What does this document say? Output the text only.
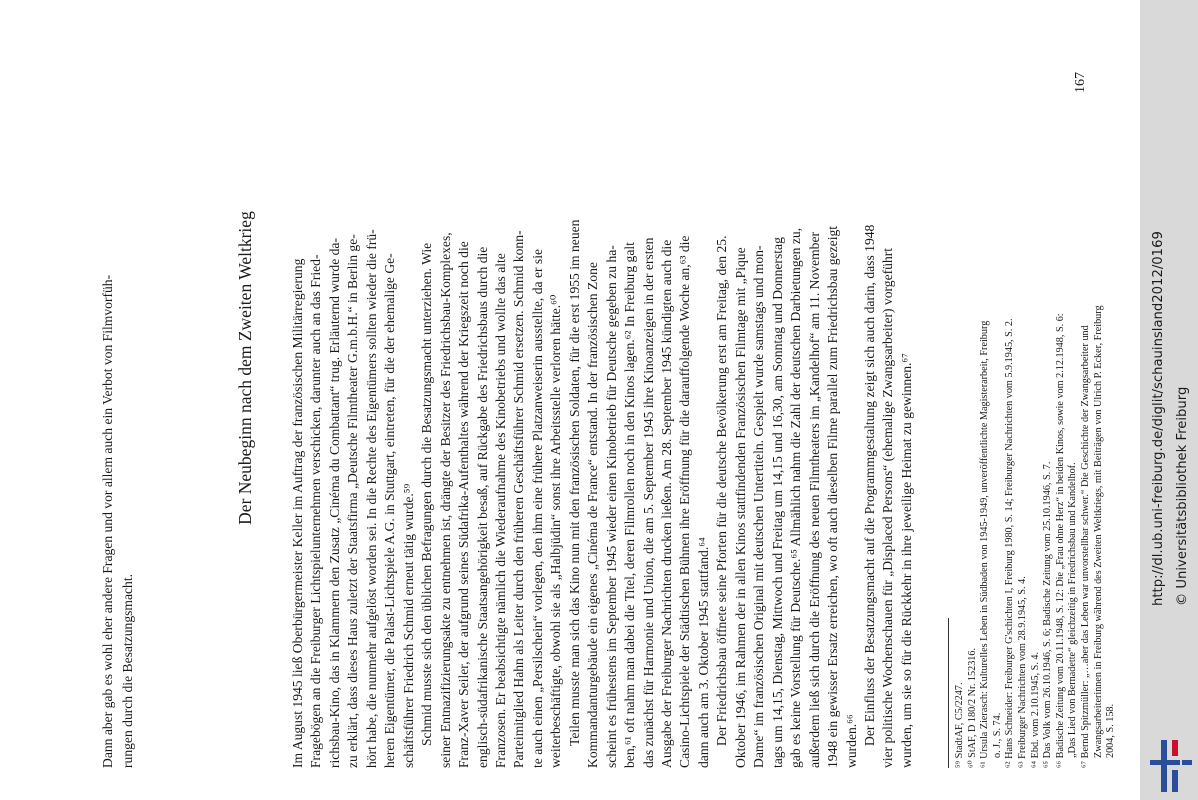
Dann aber gab es wohl eher andere Fragen und vor allem auch ein Verbot von Filmvorfüh- rungen durch die Besatzungsmacht.
Der Neubeginn nach dem Zweiten Weltkrieg	Im August 1945 ließ Oberbürgermeister Keller im Auftrag der französischen Militärregierung Fragebögen an die Freiburger Lichtspielunternehmen verschicken, darunter auch an das Fried- richsbau-Kino, das in Klammern den Zusatz „Cinéma du Combattant“ trug. Erläuternd wurde da- zu erklärt, dass dieses Haus zuletzt der Staatsfirma „Deutsche Filmtheater G.m.b.H.“ in Berlin ge- hört habe, die nunmehr aufgelöst worden sei. In die Rechte des Eigentümers sollten wieder die frü- heren Eigentümer, die Palast-Lichtspiele A.G. in Stuttgart, eintreten, für die der ehemalige Ge- schäftsführer Friedrich Schmid erneut tätig wurde.⁵⁹ Schmid musste sich den üblichen Befragungen durch die Besatzungsmacht unterziehen. Wie seiner Entnazifizierungsakte zu entnehmen ist, drängte der Besitzer des Friedrichsbau-Komplexes, Franz-Xaver Seiler, der aufgrund seines Südafrika-Aufenthaltes während der Kriegszeit noch die englisch-südafrikanische Staatsangehörigkeit besaß, auf Rückgabe des Friedrichsbaus durch die Franzosen. Er beabsichtigte nämlich die Wiederaufnahme des Kinobetriebs und wollte das alte Parteimitglied Hahn als Leiter durch den früheren Geschäftsführer Schmid ersetzen. Schmid konn- te auch einen „Persilschein“ vorlegen, den ihm eine frühere Platzanweiserin ausstellte, da er sie weiterbeschäftigte, obwohl sie als „Halbjüdin“ sonst ihre Arbeitsstelle verloren hätte.⁶⁰ Teilen musste man sich das Kino nun mit den französischen Soldaten, für die erst 1955 im neuen Kommandanturgebäude ein eigenes „Cinéma de France“ entstand. In der französischen Zone scheint es frühestens im September 1945 wieder einen Kinobetrieb für Deutsche gegeben zu ha- ben,⁶¹ oft nahm man dabei die Titel, deren Filmrollen noch in den Kinos lagen.⁶² In Freiburg galt das zunächst für Harmonie und Union, die am 5. September 1945 ihre Kinoanzeigen in der ersten Ausgabe der Freiburger Nachrichten drucken ließen. Am 28. September 1945 kündigten auch die Casino-Lichtspiele der Städtischen Bühnen ihre Eröffnung für die darauffolgende Woche an,⁶³ die dann auch am 3. Oktober 1945 stattfand.⁶⁴ Der Friedrichsbau öffnete seine Pforten für die deutsche Bevölkerung erst am Freitag, den 25. Oktober 1946, im Rahmen der in allen Kinos stattfindenden Französischen Filmtage mit „Pique Dame“ im französischen Original mit deutschen Untertiteln. Gespielt wurde samstags und mon- tags um 14,15, Dienstag, Mittwoch und Freitag um 14,15 und 16,30, am Sonntag und Donnerstag gab es keine Vorstellung für Deutsche.⁶⁵ Allmählich nahm die Zahl der deutschen Darbietungen zu, außerdem ließ sich durch die Eröffnung des neuen Filmtheaters im „Kandelhof“ am 11. November 1948 ein gewisser Ersatz erreichen, wo oft auch dieselben Filme parallel zum Friedrichsbau gezeigt wurden.⁶⁶ Der Einfluss der Besatzungsmacht auf die Programmgestaltung zeigt sich auch darin, dass 1948 vier politische Wochenschauen für „Displaced Persons“ (ehemalige Zwangsarbeiter) vorgeführt wurden, um sie so für die Rückkehr in ihre jeweilige Heimat zu gewinnen.⁶⁷	⁵⁹ StadtAF, C5/2247. ⁶⁰ StAF, D 180/2 Nr. 152316. ⁶¹ Ursula Zierasch: Kulturelles Leben in Südbaden von 1945-1949, unveröffentlichte Magisterarbeit, Freiburg o. J., S. 74. ⁶² Hans Schneider: Freiburger G'schichten I, Freiburg 1980, S. 14; Freiburger Nachrichten vom 5.9.1945, S. 2. ⁶³ Freiburger Nachrichten vom 28.9.1945, S. 4. ⁶⁴ Ebd. vom 2.10.1945, S. 4. ⁶⁵ Das Volk vom 26.10.1946, S. 6; Badische Zeitung vom 25.10.1946, S. 7. ⁶⁶ Badische Zeitung vom 20.11.1948, S. 12: Die „Frau ohne Herz“ in beiden Kinos, sowie vom 2.12.1948, S. 6: „Das Lied von Bernadette“ gleichzeitig in Friedrichsbau und Kandelhof. ⁶⁷ Bernd Spitzmüller: „…aber das Leben war unvorstellbar schwer.“ Die Geschichte der Zwangsarbeiter und Zwangsarbeiterinnen in Freiburg während des Zweiten Weltkriegs, mit Beiträgen von Ulrich P. Ecker, Freiburg 2004, S. 158.
167
http://dl.ub.uni-freiburg.de/diglit/schauinsland2012/0169 © Universitätsbibliothek Freiburg
